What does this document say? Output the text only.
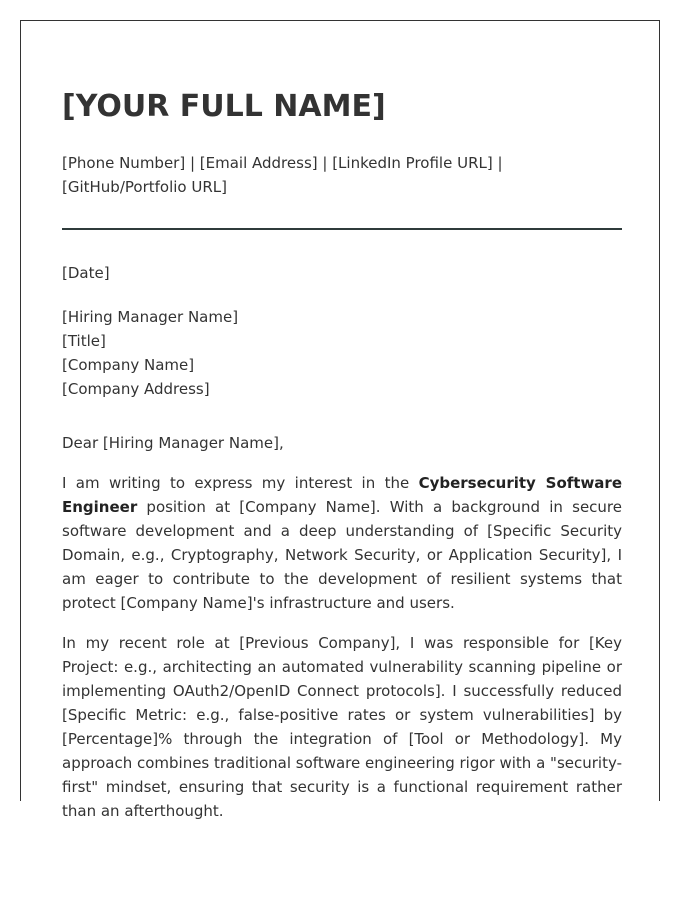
[YOUR FULL NAME]
[Phone Number] | [Email Address] | [LinkedIn Profile URL] | [GitHub/Portfolio URL]
[Date]
[Hiring Manager Name]
[Title]
[Company Name]
[Company Address]
Dear [Hiring Manager Name],

I am writing to express my interest in the Cybersecurity Software Engineer position at [Company Name]. With a background in secure software development and a deep understanding of [Specific Security Domain, e.g., Cryptography, Network Security, or Application Security], I am eager to contribute to the development of resilient systems that protect [Company Name]'s infrastructure and users.

In my recent role at [Previous Company], I was responsible for [Key Project: e.g., architecting an automated vulnerability scanning pipeline or implementing OAuth2/OpenID Connect protocols]. I successfully reduced [Specific Metric: e.g., false-positive rates or system vulnerabilities] by [Percentage]% through the integration of [Tool or Methodology]. My approach combines traditional software engineering rigor with a "security-first" mindset, ensuring that security is a functional requirement rather than an afterthought.
